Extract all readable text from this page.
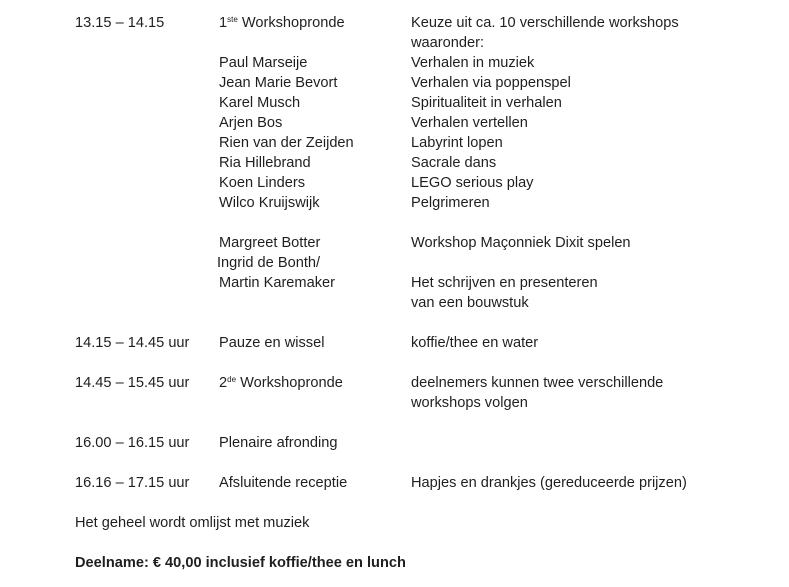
13.15 – 14.15	1ste Workshopronde	Keuze uit ca. 10 verschillende workshops
waaronder:
Paul Marseije	Verhalen in muziek
Jean Marie Bevort	Verhalen via poppenspel
Karel Musch	Spiritualiteit in verhalen
Arjen Bos	Verhalen vertellen
Rien van der Zeijden	Labyrint lopen
Ria Hillebrand	Sacrale dans
Koen Linders	LEGO serious play
Wilco Kruijswijk	Pelgrimeren
Margreet Botter	Workshop Maçonniek Dixit spelen
Ingrid de Bonth/
Martin Karemaker	Het schrijven en presenteren
van een bouwstuk
14.15 – 14.45 uur Pauze en wissel	koffie/thee en water
14.45 – 15.45 uur 2de Workshopronde	deelnemers kunnen twee verschillende
workshops volgen
16.00 – 16.15 uur Plenaire afronding
16.16 – 17.15 uur Afsluitende receptie	Hapjes en drankjes (gereduceerde prijzen)
Het geheel wordt omlijst met muziek
Deelname: € 40,00 inclusief koffie/thee en lunch
